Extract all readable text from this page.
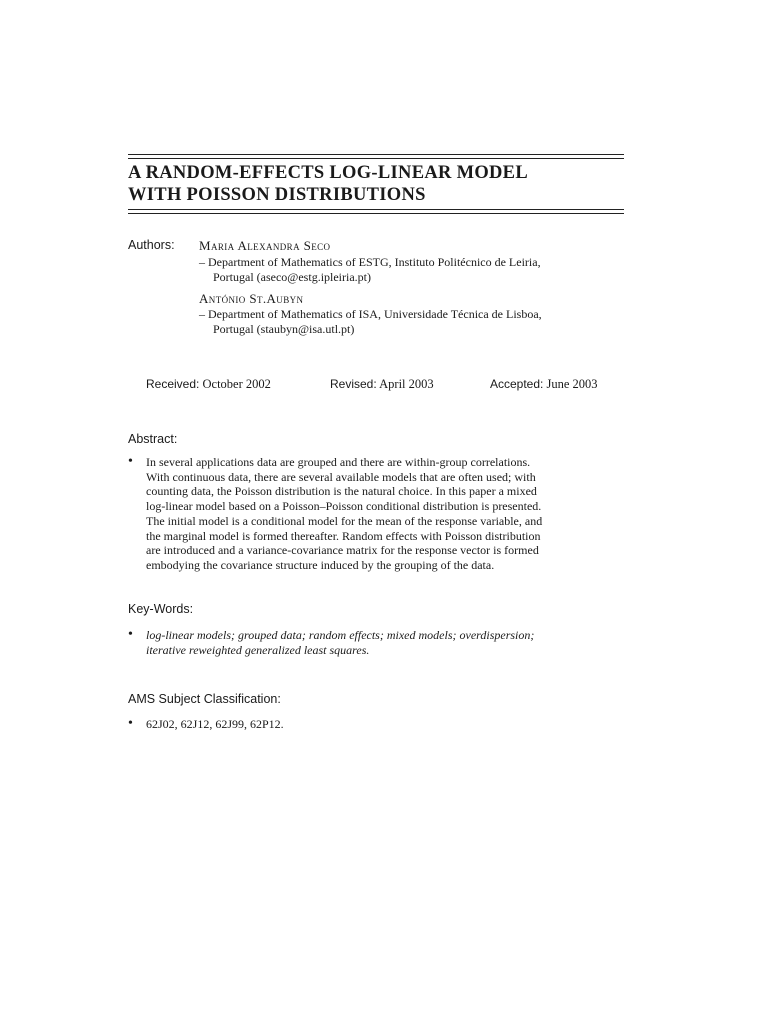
A RANDOM-EFFECTS LOG-LINEAR MODEL
WITH POISSON DISTRIBUTIONS
Authors: Maria Alexandra Seco
– Department of Mathematics of ESTG, Instituto Politécnico de Leiria,
Portugal (aseco@estg.ipleiria.pt)
António St.Aubyn
– Department of Mathematics of ISA, Universidade Técnica de Lisboa,
Portugal (staubyn@isa.utl.pt)
Received: October 2002	Revised: April 2003	Accepted: June 2003
Abstract:
• In several applications data are grouped and there are within-group correlations.
With continuous data, there are several available models that are often used; with
counting data, the Poisson distribution is the natural choice. In this paper a mixed
log-linear model based on a Poisson–Poisson conditional distribution is presented.
The initial model is a conditional model for the mean of the response variable, and
the marginal model is formed thereafter. Random effects with Poisson distribution
are introduced and a variance-covariance matrix for the response vector is formed
embodying the covariance structure induced by the grouping of the data.
Key-Words:
• log-linear models; grouped data; random effects; mixed models; overdispersion;
iterative reweighted generalized least squares.
AMS Subject Classification:
• 62J02, 62J12, 62J99, 62P12.
